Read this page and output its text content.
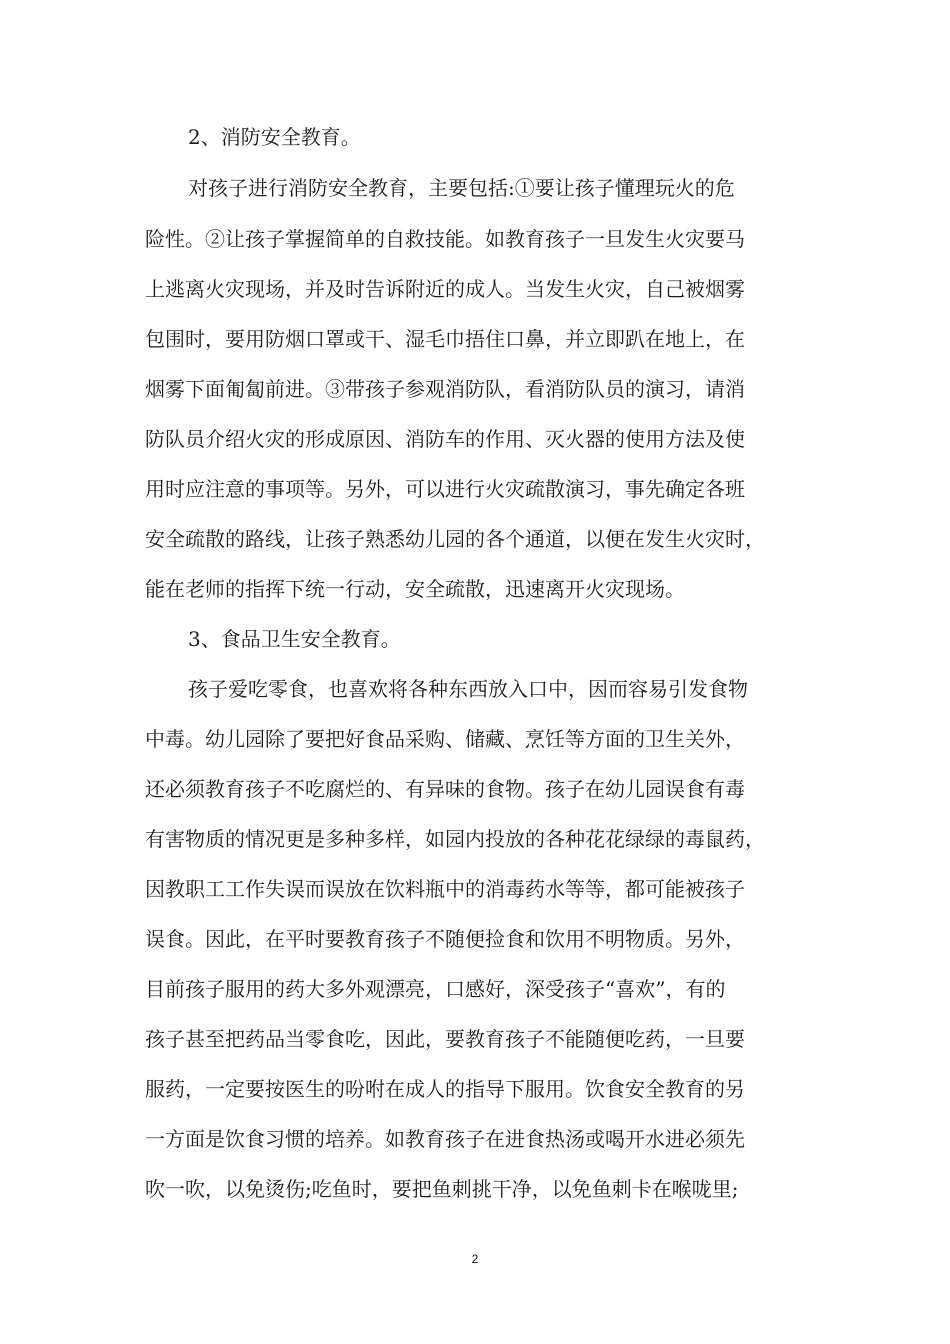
2、消防安全教育。
对孩子进行消防安全教育，主要包括:①要让孩子懂理玩火的危
险性。②让孩子掌握简单的自救技能。如教育孩子一旦发生火灾要马
上逃离火灾现场，并及时告诉附近的成人。当发生火灾，自己被烟雾
包围时，要用防烟口罩或干、湿毛巾捂住口鼻，并立即趴在地上，在
烟雾下面匍匐前进。③带孩子参观消防队，看消防队员的演习，请消
防队员介绍火灾的形成原因、消防车的作用、灭火器的使用方法及使
用时应注意的事项等。另外，可以进行火灾疏散演习，事先确定各班
安全疏散的路线，让孩子熟悉幼儿园的各个通道，以便在发生火灾时，
能在老师的指挥下统一行动，安全疏散，迅速离开火灾现场。
3、食品卫生安全教育。
孩子爱吃零食，也喜欢将各种东西放入口中，因而容易引发食物
中毒。幼儿园除了要把好食品采购、储藏、烹饪等方面的卫生关外，
还必须教育孩子不吃腐烂的、有异味的食物。孩子在幼儿园误食有毒
有害物质的情况更是多种多样，如园内投放的各种花花绿绿的毒鼠药，
因教职工工作失误而误放在饮料瓶中的消毒药水等等，都可能被孩子
误食。因此，在平时要教育孩子不随便捡食和饮用不明物质。另外，
目前孩子服用的药大多外观漂亮，口感好，深受孩子“喜欢”，有的
孩子甚至把药品当零食吃，因此，要教育孩子不能随便吃药，一旦要
服药，一定要按医生的吩咐在成人的指导下服用。饮食安全教育的另
一方面是饮食习惯的培养。如教育孩子在进食热汤或喝开水进必须先
吹一吹，以免烫伤;吃鱼时，要把鱼刺挑干净，以免鱼刺卡在喉咙里;
2
